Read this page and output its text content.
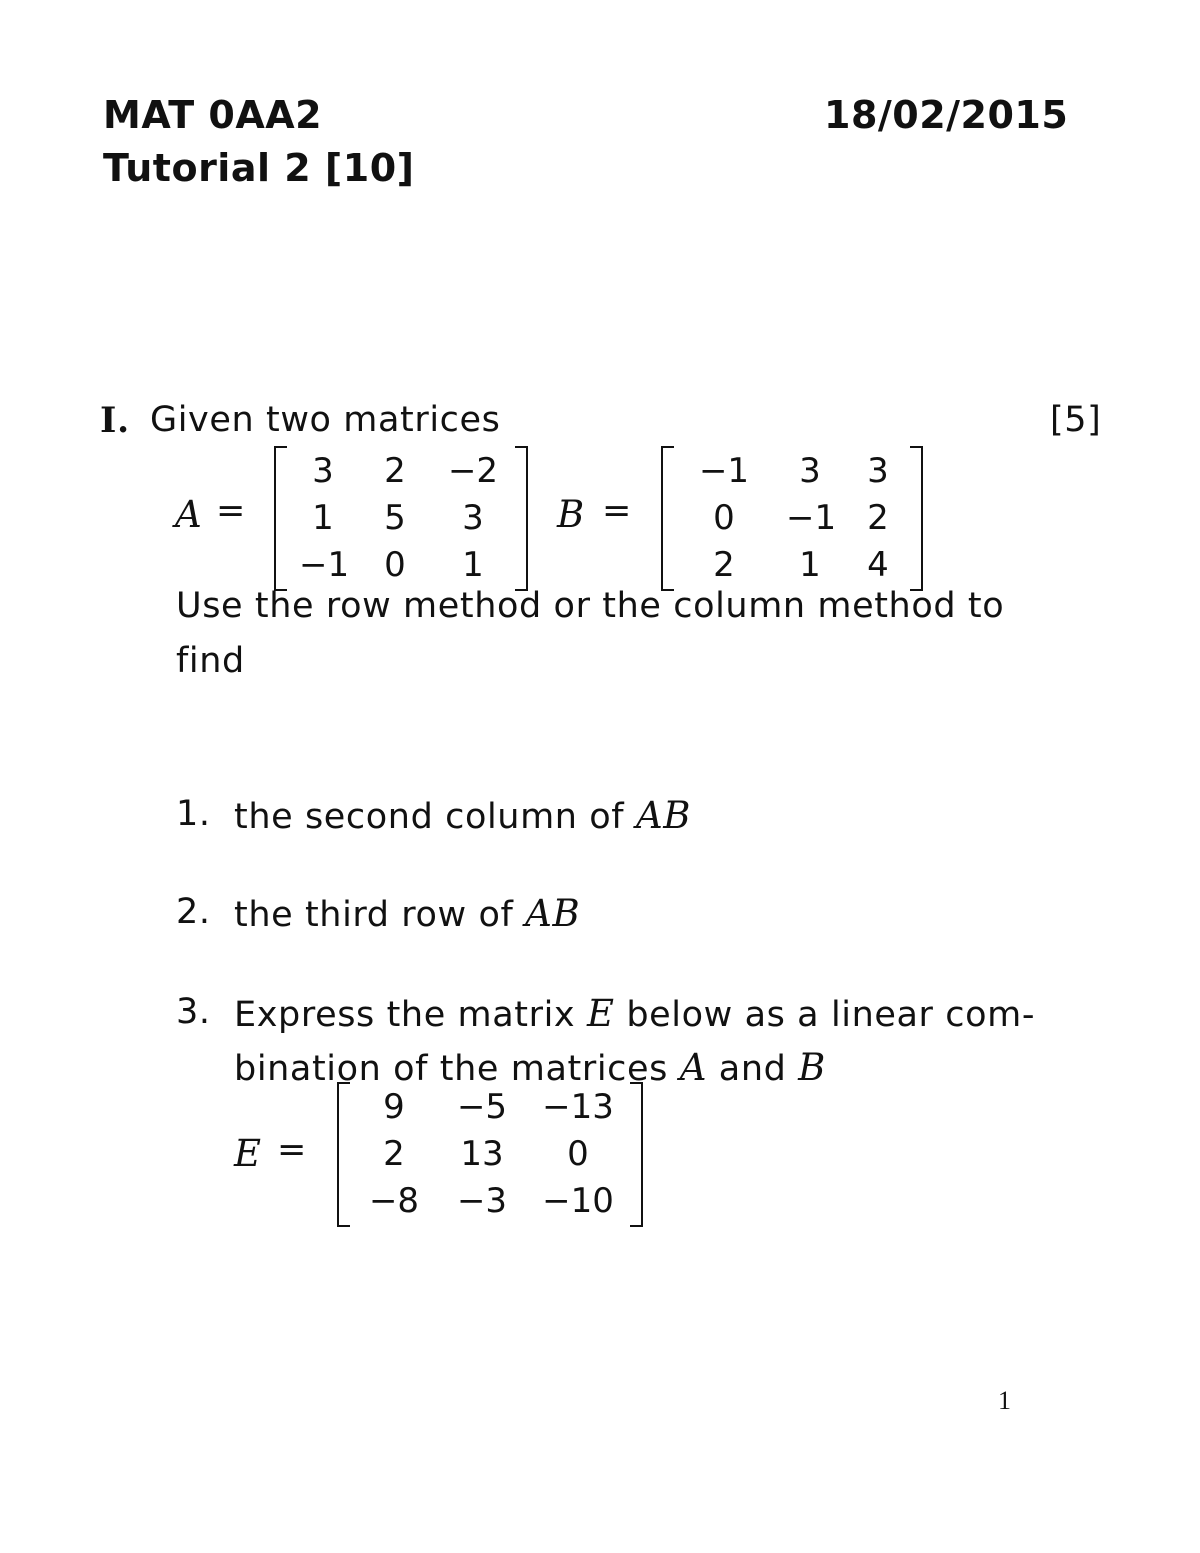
MAT 0AA2	18/02/2015
Tutorial 2 [10]
I. Given two matrices	[5]
A =
3	2	−2
1	5	3
−1	0	1
B =
−1	3	3
0	−1 2
2	1	4
Use the row method or the column method to
find
1. the second column of AB
2. the third row of AB
3. Express the matrix E below as a linear com-
bination of the matrices A and B
E =
9	−5	−13
2	13	0
−8	−3	−10
1
